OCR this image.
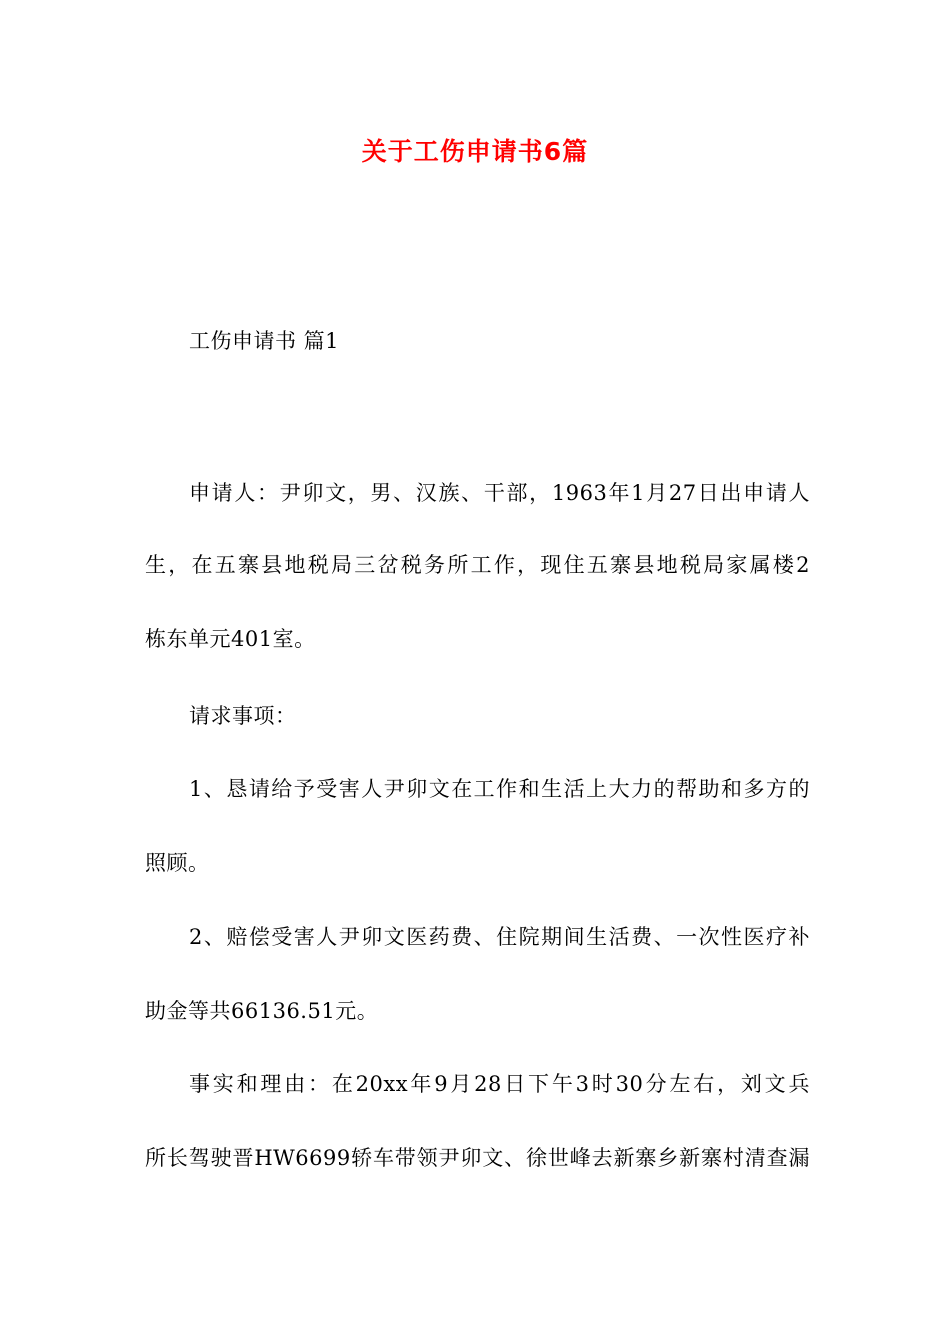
关于工伤申请书6篇
工伤申请书 篇1
申请人：尹卯文，男、汉族、干部，1963年1月27日出申请人
生，在五寨县地税局三岔税务所工作，现住五寨县地税局家属楼2
栋东单元401室。
请求事项：
1、恳请给予受害人尹卯文在工作和生活上大力的帮助和多方的
照顾。
2、赔偿受害人尹卯文医药费、住院期间生活费、一次性医疗补
助金等共66136.51元。
事实和理由：在20xx年9月28日下午3时30分左右，刘文兵
所长驾驶晋HW6699轿车带领尹卯文、徐世峰去新寨乡新寨村清查漏
